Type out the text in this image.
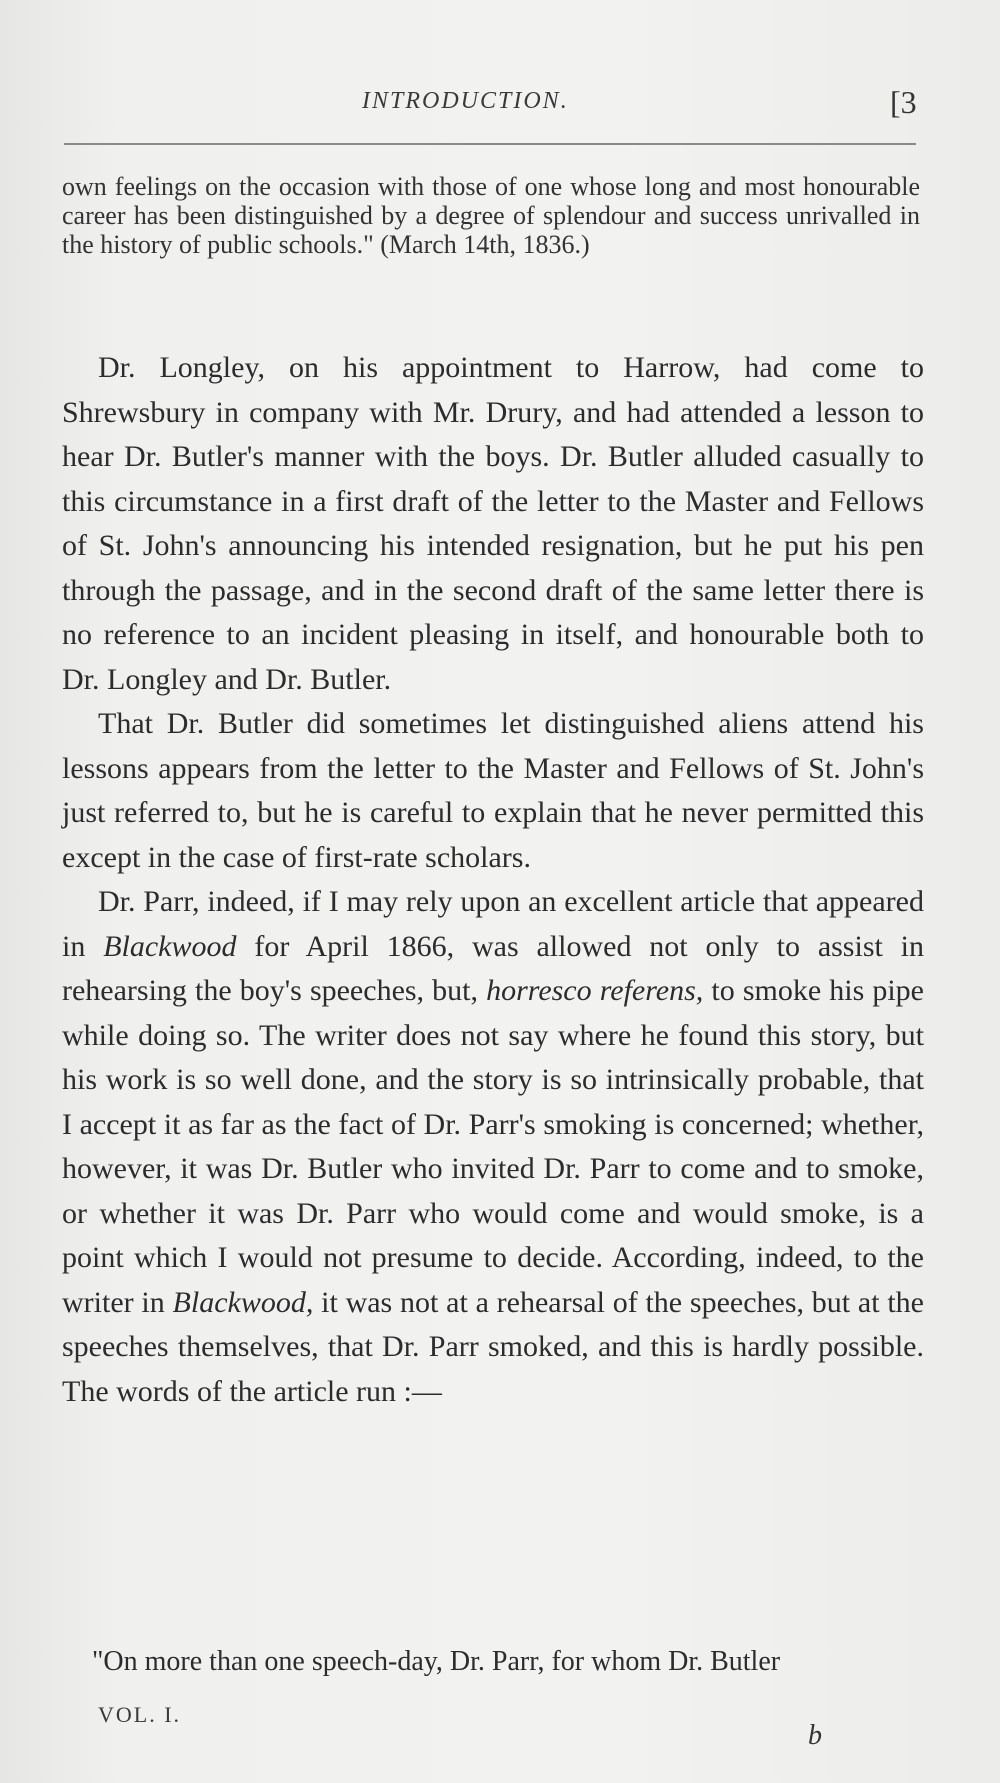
INTRODUCTION.	[3

own feelings on the occasion with those of one whose long and most honourable career has been distinguished by a degree of splendour and success unrivalled in the history of public schools." (March 14th, 1836.)

Dr. Longley, on his appointment to Harrow, had come to Shrewsbury in company with Mr. Drury, and had attended a lesson to hear Dr. Butler's manner with the boys. Dr. Butler alluded casually to this circumstance in a first draft of the letter to the Master and Fellows of St. John's announcing his intended resignation, but he put his pen through the passage, and in the second draft of the same letter there is no reference to an incident pleasing in itself, and honourable both to Dr. Longley and Dr. Butler.

That Dr. Butler did sometimes let distinguished aliens attend his lessons appears from the letter to the Master and Fellows of St. John's just referred to, but he is careful to explain that he never permitted this except in the case of first-rate scholars.

Dr. Parr, indeed, if I may rely upon an excellent article that appeared in Blackwood for April 1866, was allowed not only to assist in rehearsing the boy's speeches, but, horresco referens, to smoke his pipe while doing so. The writer does not say where he found this story, but his work is so well done, and the story is so intrinsically probable, that I accept it as far as the fact of Dr. Parr's smoking is concerned; whether, however, it was Dr. Butler who invited Dr. Parr to come and to smoke, or whether it was Dr. Parr who would come and would smoke, is a point which I would not presume to decide. According, indeed, to the writer in Blackwood, it was not at a rehearsal of the speeches, but at the speeches themselves, that Dr. Parr smoked, and this is hardly possible. The words of the article run :—

"On more than one speech-day, Dr. Parr, for whom Dr. Butler

VOL. I.
b
